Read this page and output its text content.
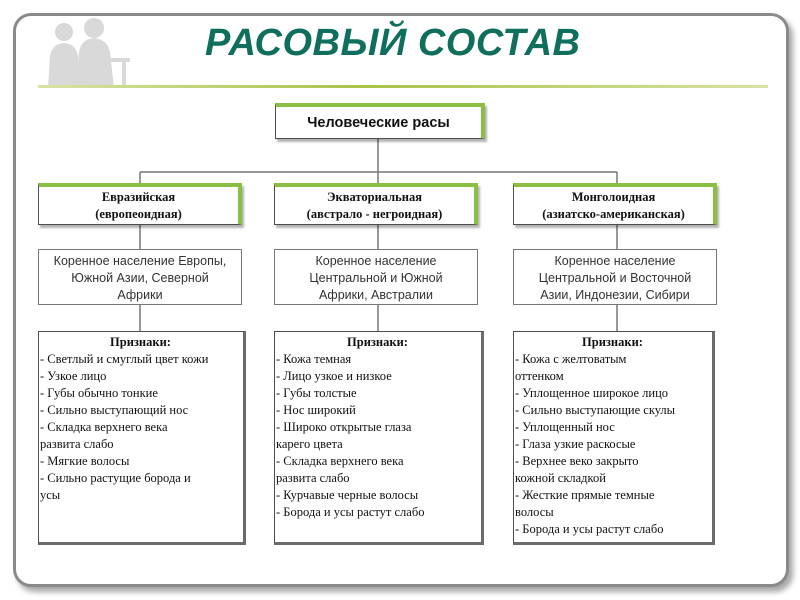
РАСОВЫЙ СОСТАВ
Человеческие расы
Евразийская
(европеоидная)
Коренное население Европы,
Южной Азии, Северной
Африки
Признаки:
- Светлый и смуглый цвет кожи
- Узкое лицо
- Губы обычно тонкие
- Сильно выступающий нос
- Складка верхнего века
развита слабо
- Мягкие волосы
- Сильно растущие борода и
усы
Экваториальная
(австрало - негроидная)
Коренное население
Центральной и Южной
Африки, Австралии
Признаки:
- Кожа темная
- Лицо узкое и низкое
- Губы толстые
- Нос широкий
- Широко открытые глаза
карего цвета
- Складка верхнего века
развита слабо
- Курчавые черные волосы
- Борода и усы растут слабо
Монголоидная
(азиатско-американская)
Коренное население
Центральной и Восточной
Азии, Индонезии, Сибири
Признаки:
- Кожа с желтоватым
оттенком
- Уплощенное широкое лицо
- Сильно выступающие скулы
- Уплощенный нос
- Глаза узкие раскосые
- Верхнее веко закрыто
кожной складкой
- Жесткие прямые темные
волосы
- Борода и усы растут слабо
